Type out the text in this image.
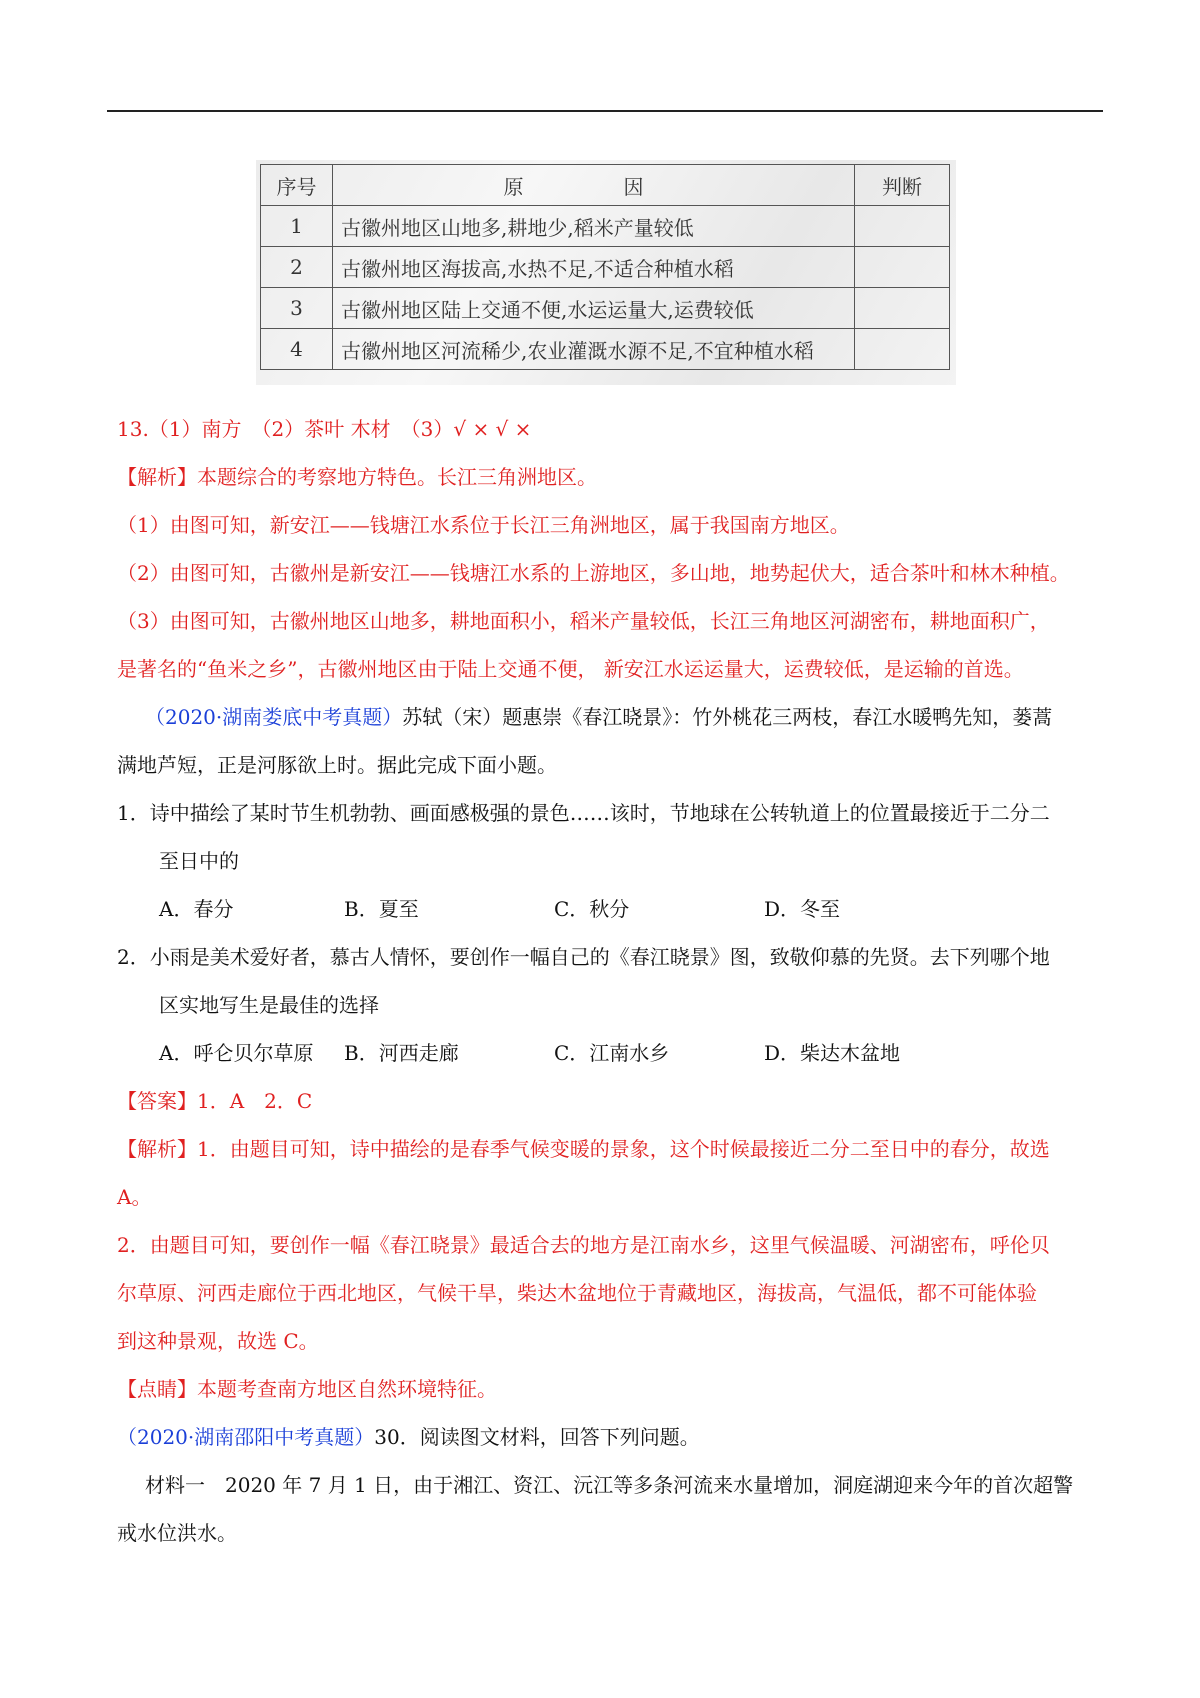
序号	原　因	判断
1	古徽州地区山地多,耕地少,稻米产量较低	
2	古徽州地区海拔高,水热不足,不适合种植水稻	
3	古徽州地区陆上交通不便,水运运量大,运费较低	
4	古徽州地区河流稀少,农业灌溉水源不足,不宜种植水稻	
13.（1）南方　（2）茶叶 木材　（3）√ × √ ×
【解析】本题综合的考察地方特色。长江三角洲地区。
（1）由图可知，新安江——钱塘江水系位于长江三角洲地区，属于我国南方地区。
（2）由图可知，古徽州是新安江——钱塘江水系的上游地区，多山地，地势起伏大，适合茶叶和林木种植。
（3）由图可知，古徽州地区山地多，耕地面积小，稻米产量较低，长江三角地区河湖密布，耕地面积广，
是著名的“鱼米之乡”，古徽州地区由于陆上交通不便， 新安江水运运量大，运费较低，是运输的首选。
（2020·湖南娄底中考真题）苏轼（宋）题惠崇《春江晓景》：竹外桃花三两枝，春江水暖鸭先知，蒌蒿
满地芦短，正是河豚欲上时。据此完成下面小题。
1．诗中描绘了某时节生机勃勃、画面感极强的景色……该时，节地球在公转轨道上的位置最接近于二分二
至日中的
A．春分	B．夏至	C．秋分	D．冬至
2．小雨是美术爱好者，慕古人情怀，要创作一幅自己的《春江晓景》图，致敬仰慕的先贤。去下列哪个地
区实地写生是最佳的选择
A．呼仑贝尔草原 B．河西走廊	C．江南水乡	D．柴达木盆地
【答案】1．A　2．C
【解析】1．由题目可知，诗中描绘的是春季气候变暖的景象，这个时候最接近二分二至日中的春分，故选
A。
2．由题目可知，要创作一幅《春江晓景》最适合去的地方是江南水乡，这里气候温暖、河湖密布，呼伦贝
尔草原、河西走廊位于西北地区，气候干旱，柴达木盆地位于青藏地区，海拔高，气温低，都不可能体验
到这种景观，故选 C。
【点睛】本题考查南方地区自然环境特征。
（2020·湖南邵阳中考真题）30．阅读图文材料，回答下列问题。
材料一　2020 年 7 月 1 日，由于湘江、资江、沅江等多条河流来水量增加，洞庭湖迎来今年的首次超警
戒水位洪水。
